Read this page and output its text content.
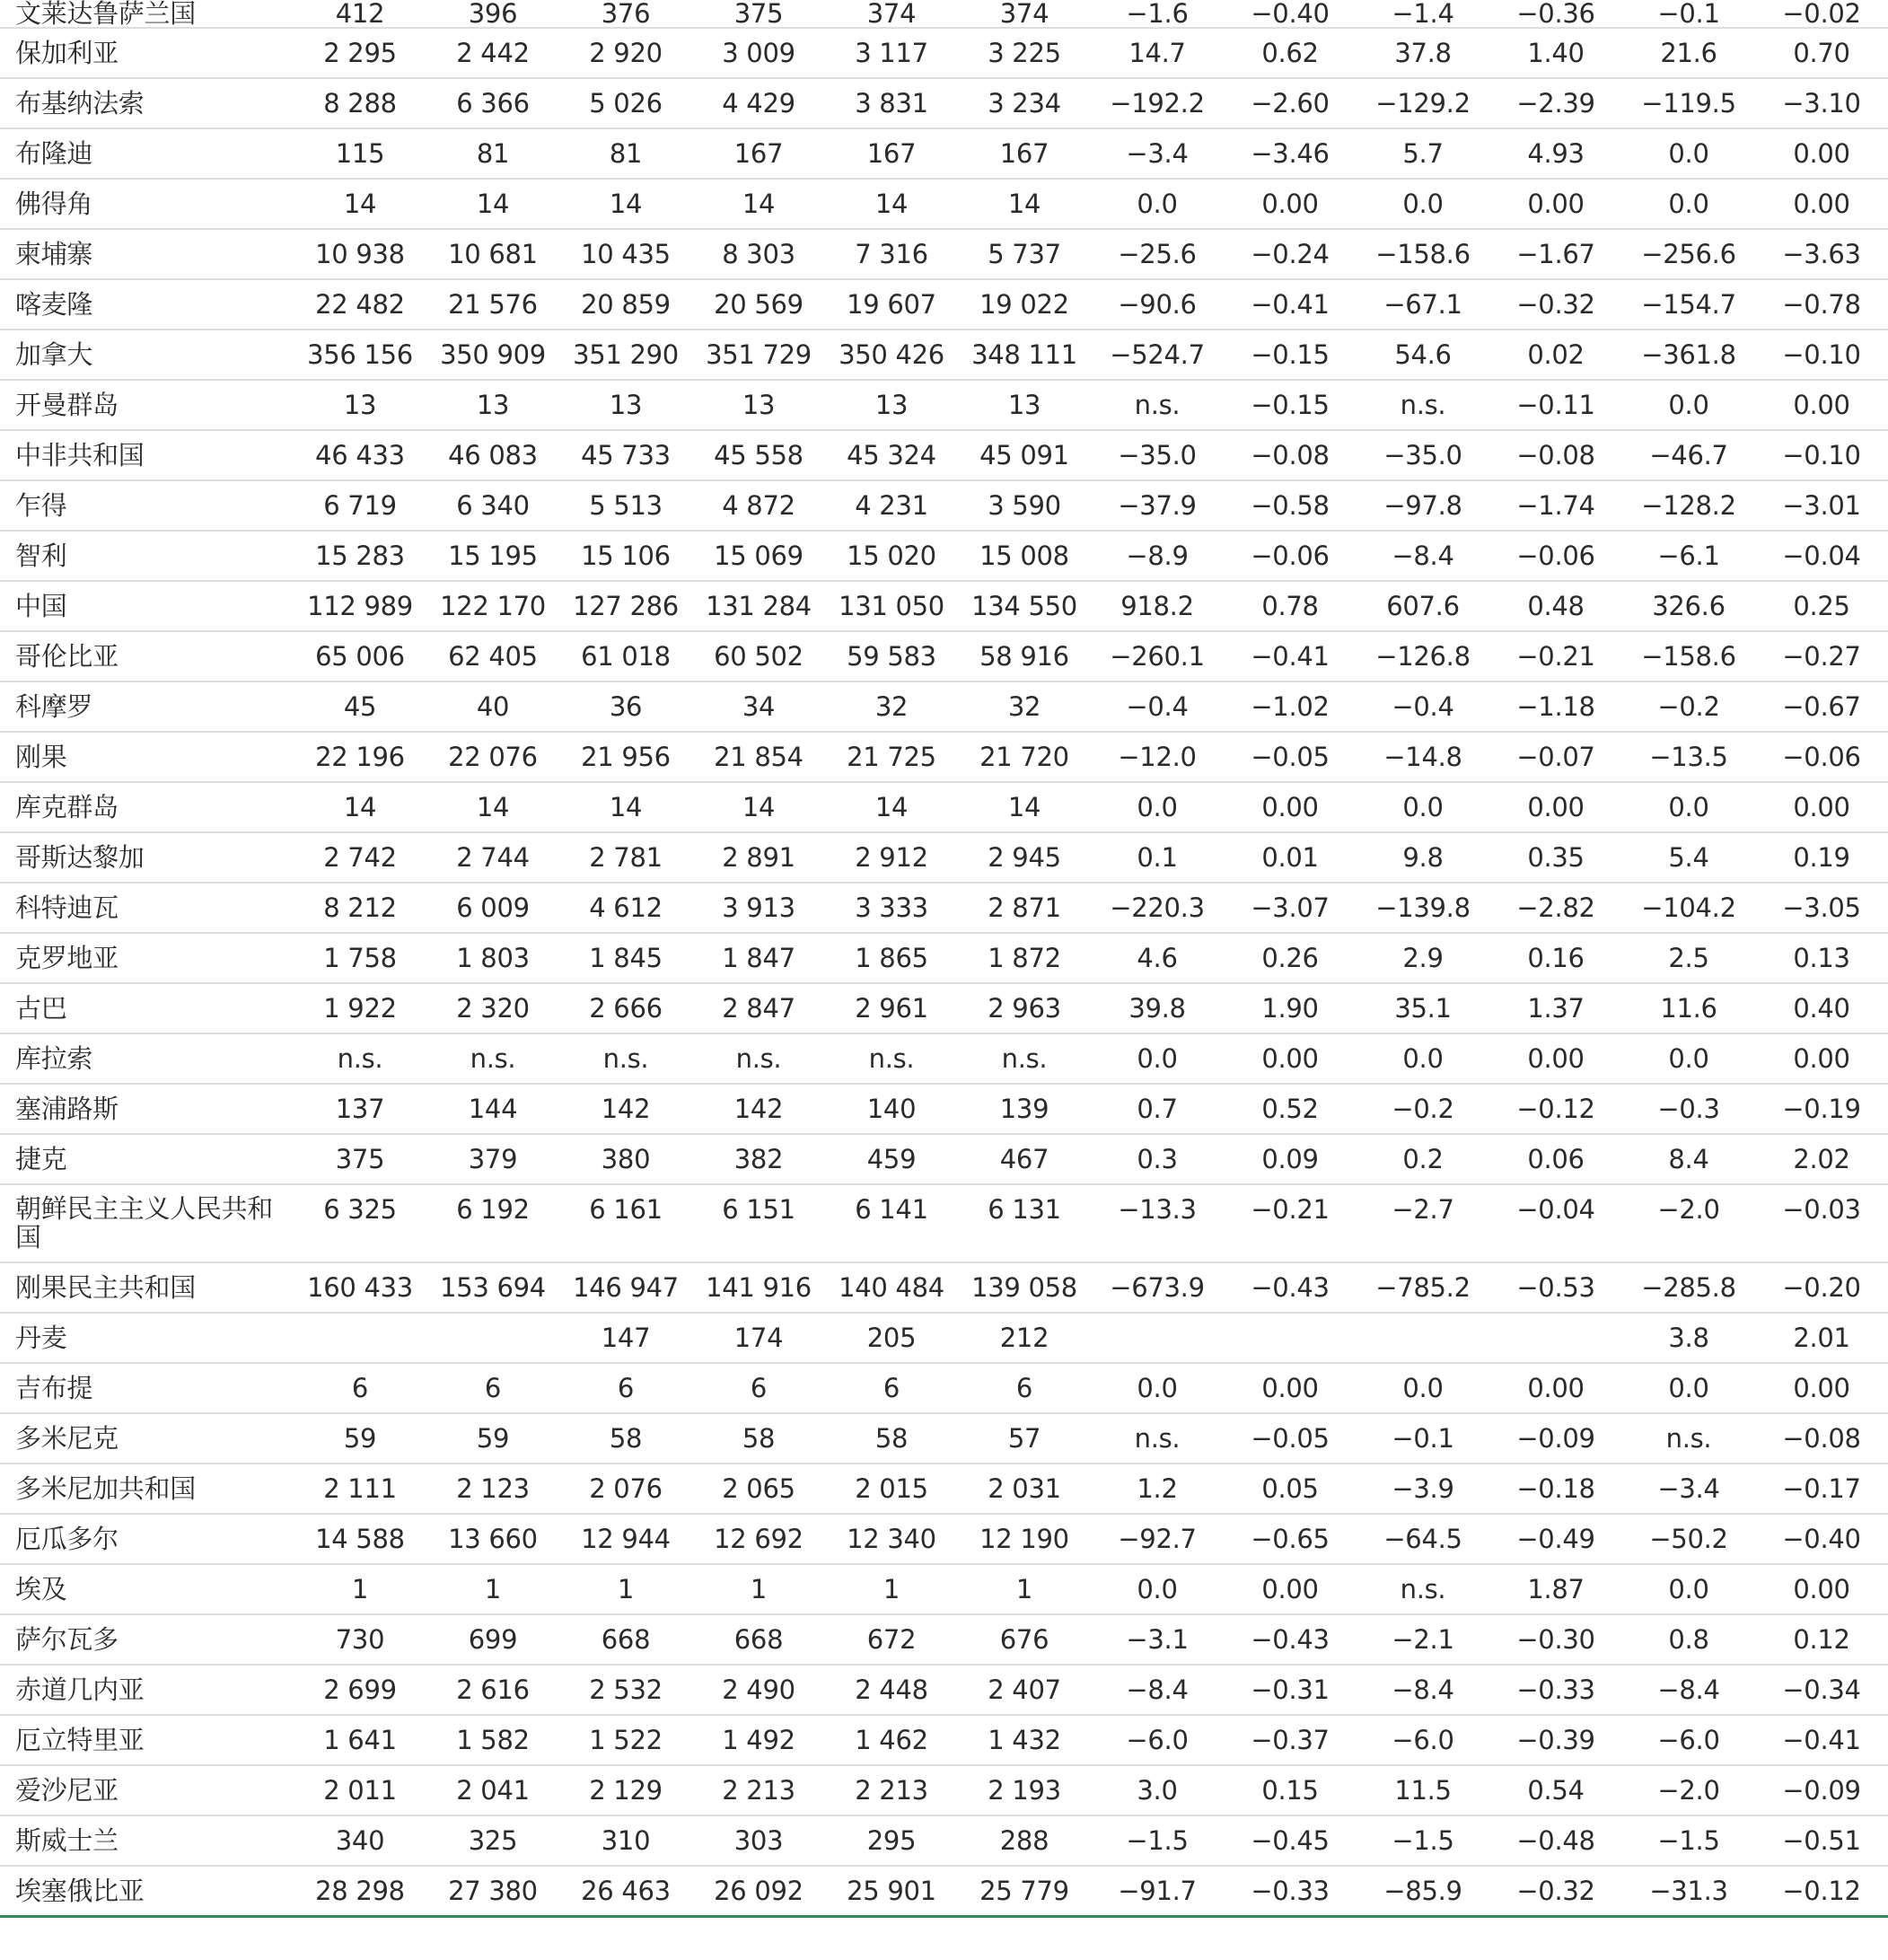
文莱达鲁萨兰国	412	396	376	375	374	374	−1.6	−0.40	−1.4	−0.36	−0.1	−0.02
保加利亚	2 295	2 442	2 920	3 009	3 117	3 225	14.7	0.62	37.8	1.40	21.6	0.70
布基纳法索	8 288	6 366	5 026	4 429	3 831	3 234	−192.2	−2.60	−129.2	−2.39	−119.5	−3.10
布隆迪	115	81	81	167	167	167	−3.4	−3.46	5.7	4.93	0.0	0.00
佛得角	14	14	14	14	14	14	0.0	0.00	0.0	0.00	0.0	0.00
柬埔寨	10 938	10 681	10 435	8 303	7 316	5 737	−25.6	−0.24	−158.6	−1.67	−256.6	−3.63
喀麦隆	22 482	21 576	20 859	20 569	19 607	19 022	−90.6	−0.41	−67.1	−0.32	−154.7	−0.78
加拿大	356 156	350 909	351 290	351 729	350 426	348 111	−524.7	−0.15	54.6	0.02	−361.8	−0.10
开曼群岛	13	13	13	13	13	13	n.s.	−0.15	n.s.	−0.11	0.0	0.00
中非共和国	46 433	46 083	45 733	45 558	45 324	45 091	−35.0	−0.08	−35.0	−0.08	−46.7	−0.10
乍得	6 719	6 340	5 513	4 872	4 231	3 590	−37.9	−0.58	−97.8	−1.74	−128.2	−3.01
智利	15 283	15 195	15 106	15 069	15 020	15 008	−8.9	−0.06	−8.4	−0.06	−6.1	−0.04
中国	112 989	122 170	127 286	131 284	131 050	134 550	918.2	0.78	607.6	0.48	326.6	0.25
哥伦比亚	65 006	62 405	61 018	60 502	59 583	58 916	−260.1	−0.41	−126.8	−0.21	−158.6	−0.27
科摩罗	45	40	36	34	32	32	−0.4	−1.02	−0.4	−1.18	−0.2	−0.67
刚果	22 196	22 076	21 956	21 854	21 725	21 720	−12.0	−0.05	−14.8	−0.07	−13.5	−0.06
库克群岛	14	14	14	14	14	14	0.0	0.00	0.0	0.00	0.0	0.00
哥斯达黎加	2 742	2 744	2 781	2 891	2 912	2 945	0.1	0.01	9.8	0.35	5.4	0.19
科特迪瓦	8 212	6 009	4 612	3 913	3 333	2 871	−220.3	−3.07	−139.8	−2.82	−104.2	−3.05
克罗地亚	1 758	1 803	1 845	1 847	1 865	1 872	4.6	0.26	2.9	0.16	2.5	0.13
古巴	1 922	2 320	2 666	2 847	2 961	2 963	39.8	1.90	35.1	1.37	11.6	0.40
库拉索	n.s.	n.s.	n.s.	n.s.	n.s.	n.s.	0.0	0.00	0.0	0.00	0.0	0.00
塞浦路斯	137	144	142	142	140	139	0.7	0.52	−0.2	−0.12	−0.3	−0.19
捷克	375	379	380	382	459	467	0.3	0.09	0.2	0.06	8.4	2.02
朝鲜民主主义人民共和国	6 325	6 192	6 161	6 151	6 141	6 131	−13.3	−0.21	−2.7	−0.04	−2.0	−0.03
刚果民主共和国	160 433	153 694	146 947	141 916	140 484	139 058	−673.9	−0.43	−785.2	−0.53	−285.8	−0.20
丹麦			147	174	205	212					3.8	2.01
吉布提	6	6	6	6	6	6	0.0	0.00	0.0	0.00	0.0	0.00
多米尼克	59	59	58	58	58	57	n.s.	−0.05	−0.1	−0.09	n.s.	−0.08
多米尼加共和国	2 111	2 123	2 076	2 065	2 015	2 031	1.2	0.05	−3.9	−0.18	−3.4	−0.17
厄瓜多尔	14 588	13 660	12 944	12 692	12 340	12 190	−92.7	−0.65	−64.5	−0.49	−50.2	−0.40
埃及	1	1	1	1	1	1	0.0	0.00	n.s.	1.87	0.0	0.00
萨尔瓦多	730	699	668	668	672	676	−3.1	−0.43	−2.1	−0.30	0.8	0.12
赤道几内亚	2 699	2 616	2 532	2 490	2 448	2 407	−8.4	−0.31	−8.4	−0.33	−8.4	−0.34
厄立特里亚	1 641	1 582	1 522	1 492	1 462	1 432	−6.0	−0.37	−6.0	−0.39	−6.0	−0.41
爱沙尼亚	2 011	2 041	2 129	2 213	2 213	2 193	3.0	0.15	11.5	0.54	−2.0	−0.09
斯威士兰	340	325	310	303	295	288	−1.5	−0.45	−1.5	−0.48	−1.5	−0.51
埃塞俄比亚	28 298	27 380	26 463	26 092	25 901	25 779	−91.7	−0.33	−85.9	−0.32	−31.3	−0.12
